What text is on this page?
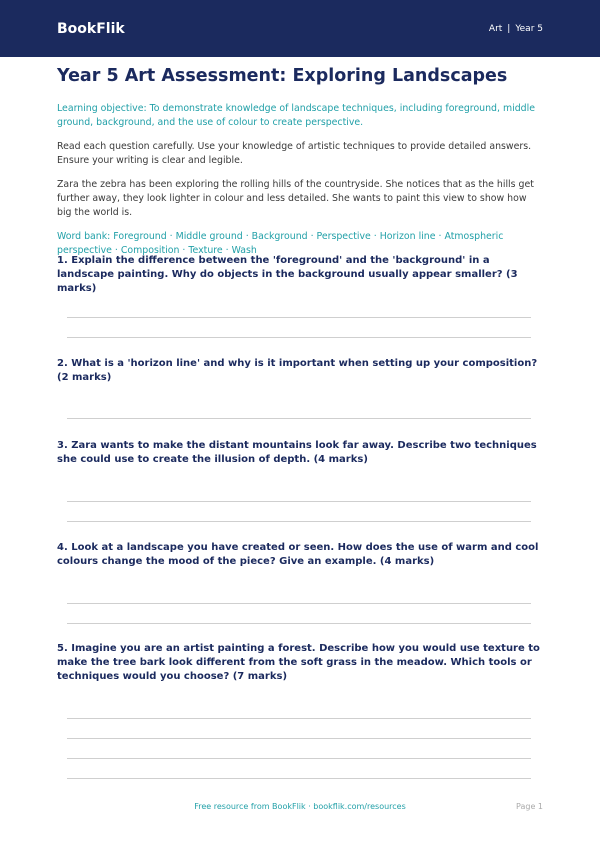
BookFlik	Art | Year 5
Year 5 Art Assessment: Exploring Landscapes

Learning objective: To demonstrate knowledge of landscape techniques, including foreground, middle ground, background, and the use of colour to create perspective.

Read each question carefully. Use your knowledge of artistic techniques to provide detailed answers. Ensure your writing is clear and legible.

Zara the zebra has been exploring the rolling hills of the countryside. She notices that as the hills get further away, they look lighter in colour and less detailed. She wants to paint this view to show how big the world is.

Word bank: Foreground · Middle ground · Background · Perspective · Horizon line · Atmospheric perspective · Composition · Texture · Wash

1. Explain the difference between the 'foreground' and the 'background' in a landscape painting. Why do objects in the background usually appear smaller? (3 marks)
2. What is a 'horizon line' and why is it important when setting up your composition? (2 marks)
3. Zara wants to make the distant mountains look far away. Describe two techniques she could use to create the illusion of depth. (4 marks)
4. Look at a landscape you have created or seen. How does the use of warm and cool colours change the mood of the piece? Give an example. (4 marks)
5. Imagine you are an artist painting a forest. Describe how you would use texture to make the tree bark look different from the soft grass in the meadow. Which tools or techniques would you choose? (7 marks)
Free resource from BookFlik · bookflik.com/resources	Page 1
